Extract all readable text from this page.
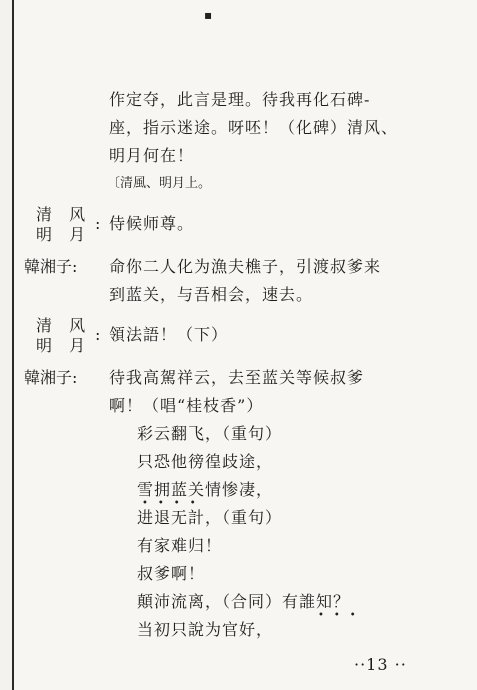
▪
作定夺，此言是理。待我再化石碑-
座，指示迷途。呀呸！（化碑）清风、
明月何在！
〔清風、明月上。
清 风
明 月
: 侍候师尊。
韓湘子: 命你二人化为漁夫樵子，引渡叔爹来
到蓝关，与吾相会，速去。
清 风
明 月
: 領法語！（下）
韓湘子: 待我高駕祥云，去至蓝关等候叔爹
啊！（唱“桂枝香”）
彩云翻飞，（重句）
只恐他徬徨歧途，
雪拥蓝关情惨凄，
••••
进退无計，（重句）
有家难归！
叔爹啊！
顛沛流离，（合同）有誰知？
•••
当初只說为官好，
··13 ··
